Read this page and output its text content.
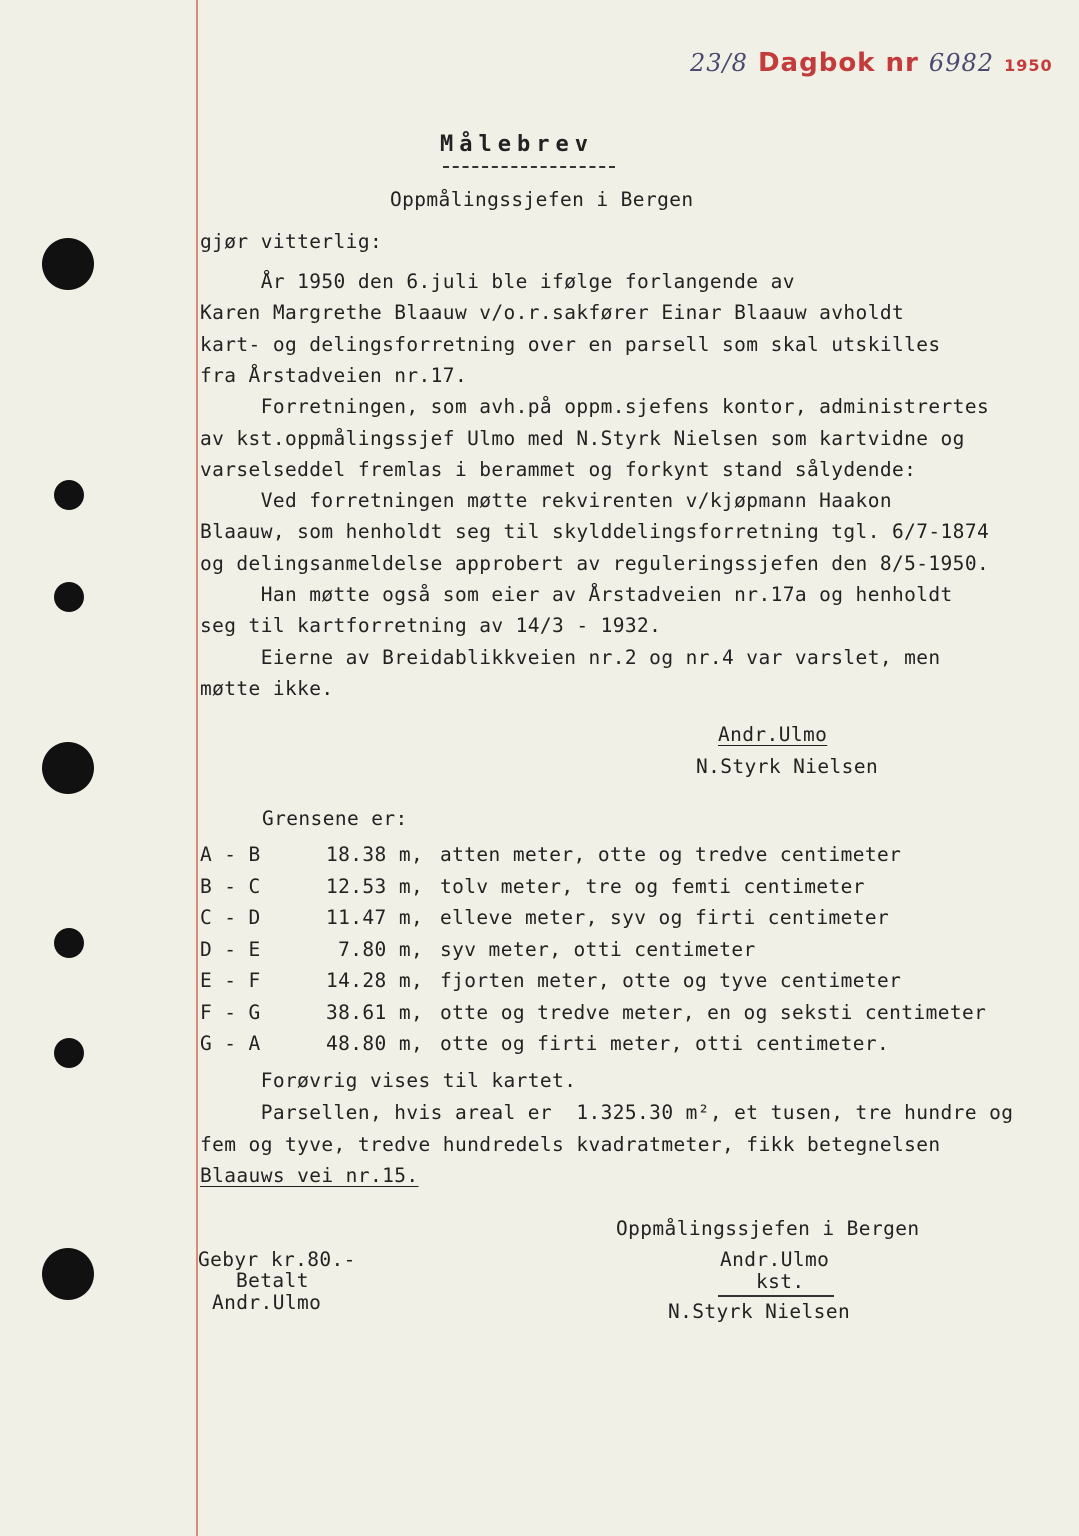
23/8 Dagbok nr 6982 1950
Målebrev
Oppmålingssjefen i Bergen
gjør vitterlig:
År 1950 den 6.juli ble ifølge forlangende av
Karen Margrethe Blaauw v/o.r.sakfører Einar Blaauw avholdt
kart- og delingsforretning over en parsell som skal utskilles
fra Årstadveien nr.17.
Forretningen, som avh.på oppm.sjefens kontor, administrertes
av kst.oppmålingssjef Ulmo med N.Styrk Nielsen som kartvidne og
varselseddel fremlas i berammet og forkynt stand sålydende:
Ved forretningen møtte rekvirenten v/kjøpmann Haakon
Blaauw, som henholdt seg til skylddelingsforretning tgl. 6/7-1874
og delingsanmeldelse approbert av reguleringssjefen den 8/5-1950.
Han møtte også som eier av Årstadveien nr.17a og henholdt
seg til kartforretning av 14/3 - 1932.
Eierne av Breidablikkveien nr.2 og nr.4 var varslet, men
møtte ikke.
Andr.Ulmo
N.Styrk Nielsen
Grensene er:
A - B	18.38 m, atten meter, otte og tredve centimeter
B - C	12.53 m, tolv meter, tre og femti centimeter
C - D	11.47 m, elleve meter, syv og firti centimeter
D - E	7.80 m, syv meter, otti centimeter
E - F	14.28 m, fjorten meter, otte og tyve centimeter
F - G	38.61 m, otte og tredve meter, en og seksti centimeter
G - A	48.80 m, otte og firti meter, otti centimeter.
Forøvrig vises til kartet.
Parsellen, hvis areal er  1.325.30 m², et tusen, tre hundre og
fem og tyve, tredve hundredels kvadratmeter, fikk betegnelsen
Blaauws vei nr.15.
Oppmålingssjefen i Bergen
Andr.Ulmo
kst.
N.Styrk Nielsen
Gebyr kr.80.-
Betalt
Andr.Ulmo
